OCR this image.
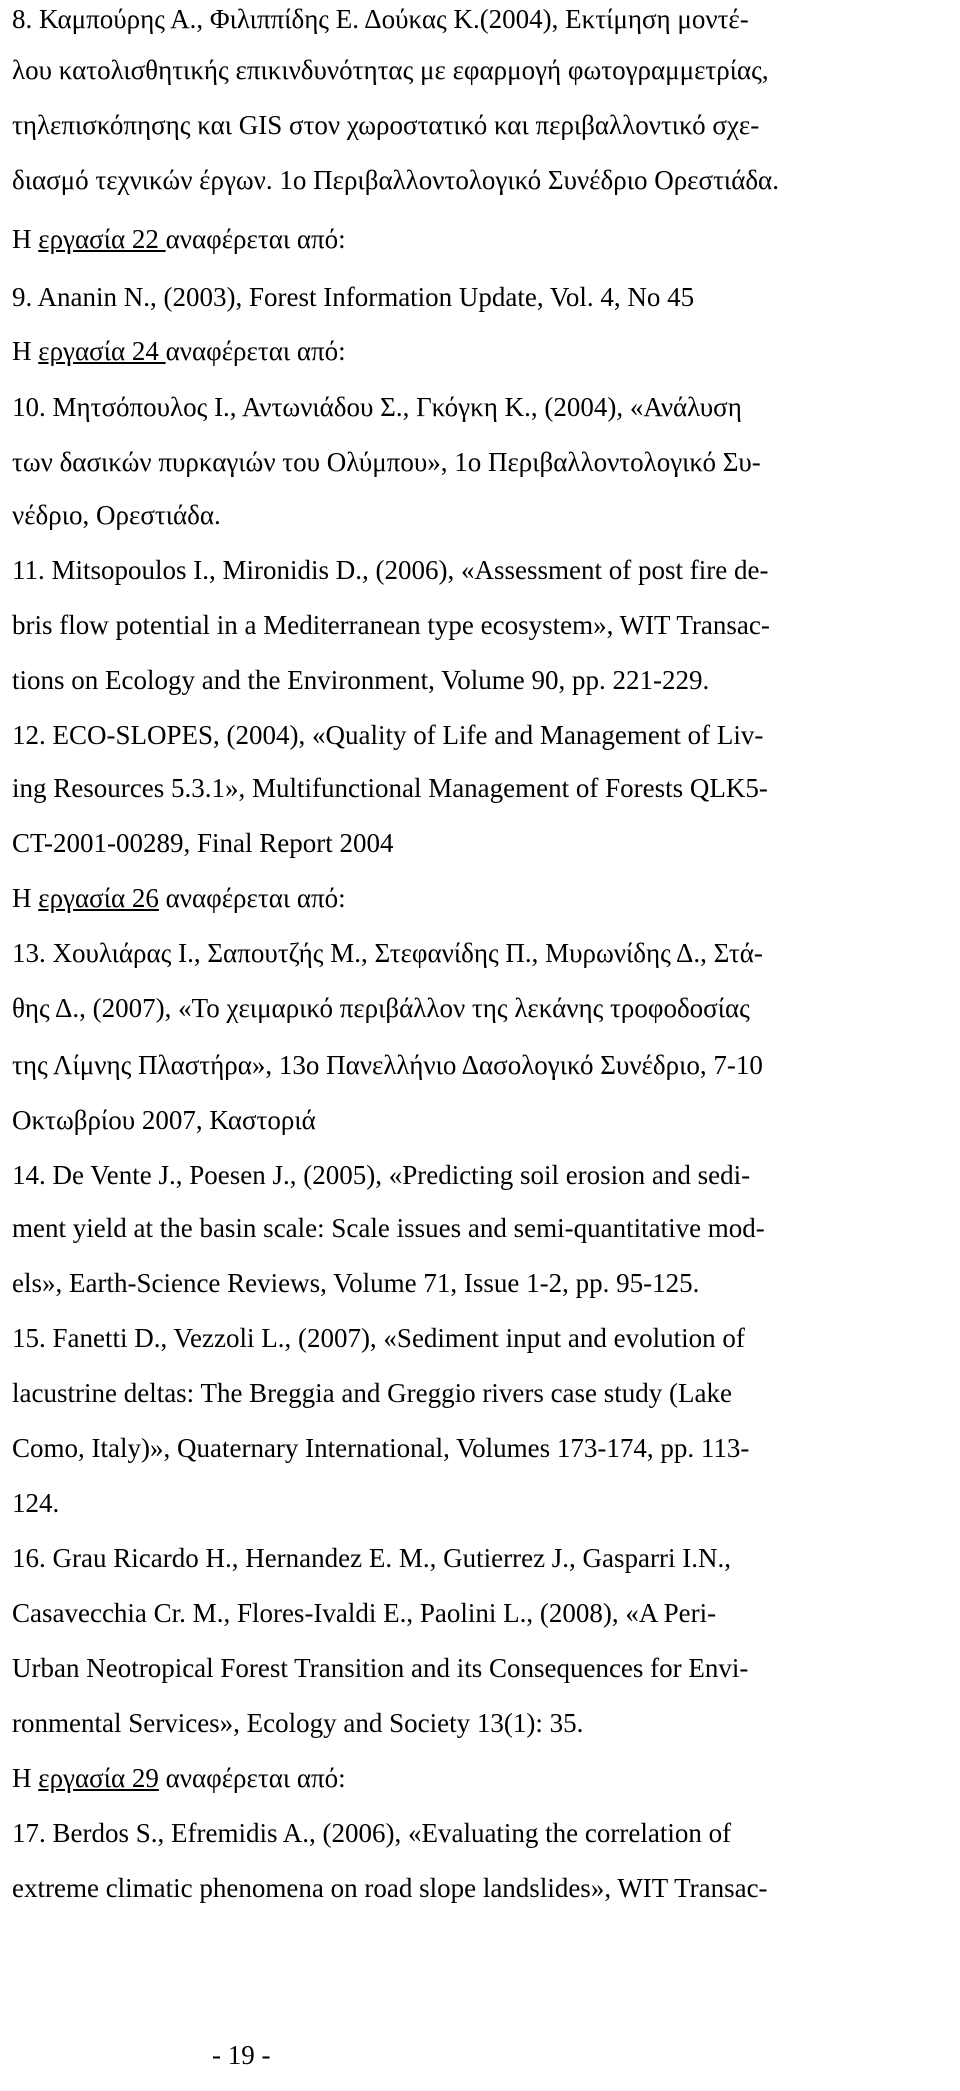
8. Καμπούρης Α., Φιλιππίδης Ε. Δούκας Κ.(2004), Εκτίμηση μοντέ-
λου κατολισθητικής επικινδυνότητας με εφαρμογή φωτογραμμετρίας,
τηλεπισκόπησης και GIS στον χωροστατικό και περιβαλλοντικό σχε-
διασμό τεχνικών έργων. 1ο Περιβαλλοντολογικό Συνέδριο Ορεστιάδα.
Η εργασία 22 αναφέρεται από:
9. Ananin N., (2003), Forest Information Update, Vol. 4, No 45
Η εργασία 24 αναφέρεται από:
10. Μητσόπουλος Ι., Αντωνιάδου Σ., Γκόγκη Κ., (2004), «Ανάλυση
των δασικών πυρκαγιών του Ολύμπου», 1ο Περιβαλλοντολογικό Συ-
νέδριο, Ορεστιάδα.
11. Mitsopoulos I., Mironidis D., (2006), «Assessment of post fire de-
bris flow potential in a Mediterranean type ecosystem», WIT Transac-
tions on Ecology and the Environment, Volume 90, pp. 221-229.
12. ECO-SLOPES, (2004), «Quality of Life and Management of Liv-
ing Resources 5.3.1», Multifunctional Management of Forests QLK5-
CT-2001-00289, Final Report 2004
Η εργασία 26 αναφέρεται από:
13. Χουλιάρας Ι., Σαπουτζής Μ., Στεφανίδης Π., Μυρωνίδης Δ., Στά-
θης Δ., (2007), «Το χειμαρικό περιβάλλον της λεκάνης τροφοδοσίας
της Λίμνης Πλαστήρα», 13ο Πανελλήνιο Δασολογικό Συνέδριο, 7-10
Οκτωβρίου 2007, Καστοριά
14. De Vente J., Poesen J., (2005), «Predicting soil erosion and sedi-
ment yield at the basin scale: Scale issues and semi-quantitative mod-
els», Earth-Science Reviews, Volume 71, Issue 1-2, pp. 95-125.
15. Fanetti D., Vezzoli L., (2007), «Sediment input and evolution of
lacustrine deltas: The Breggia and Greggio rivers case study (Lake
Como, Italy)», Quaternary International, Volumes 173-174, pp. 113-
124.
16. Grau Ricardo H., Hernandez E. M., Gutierrez J., Gasparri I.N.,
Casavecchia Cr. M., Flores-Ivaldi E., Paolini L., (2008), «A Peri-
Urban Neotropical Forest Transition and its Consequences for Envi-
ronmental Services», Ecology and Society 13(1): 35.
Η εργασία 29 αναφέρεται από:
17. Berdos S., Efremidis A., (2006), «Evaluating the correlation of
extreme climatic phenomena on road slope landslides», WIT Transac-
- 19 -
